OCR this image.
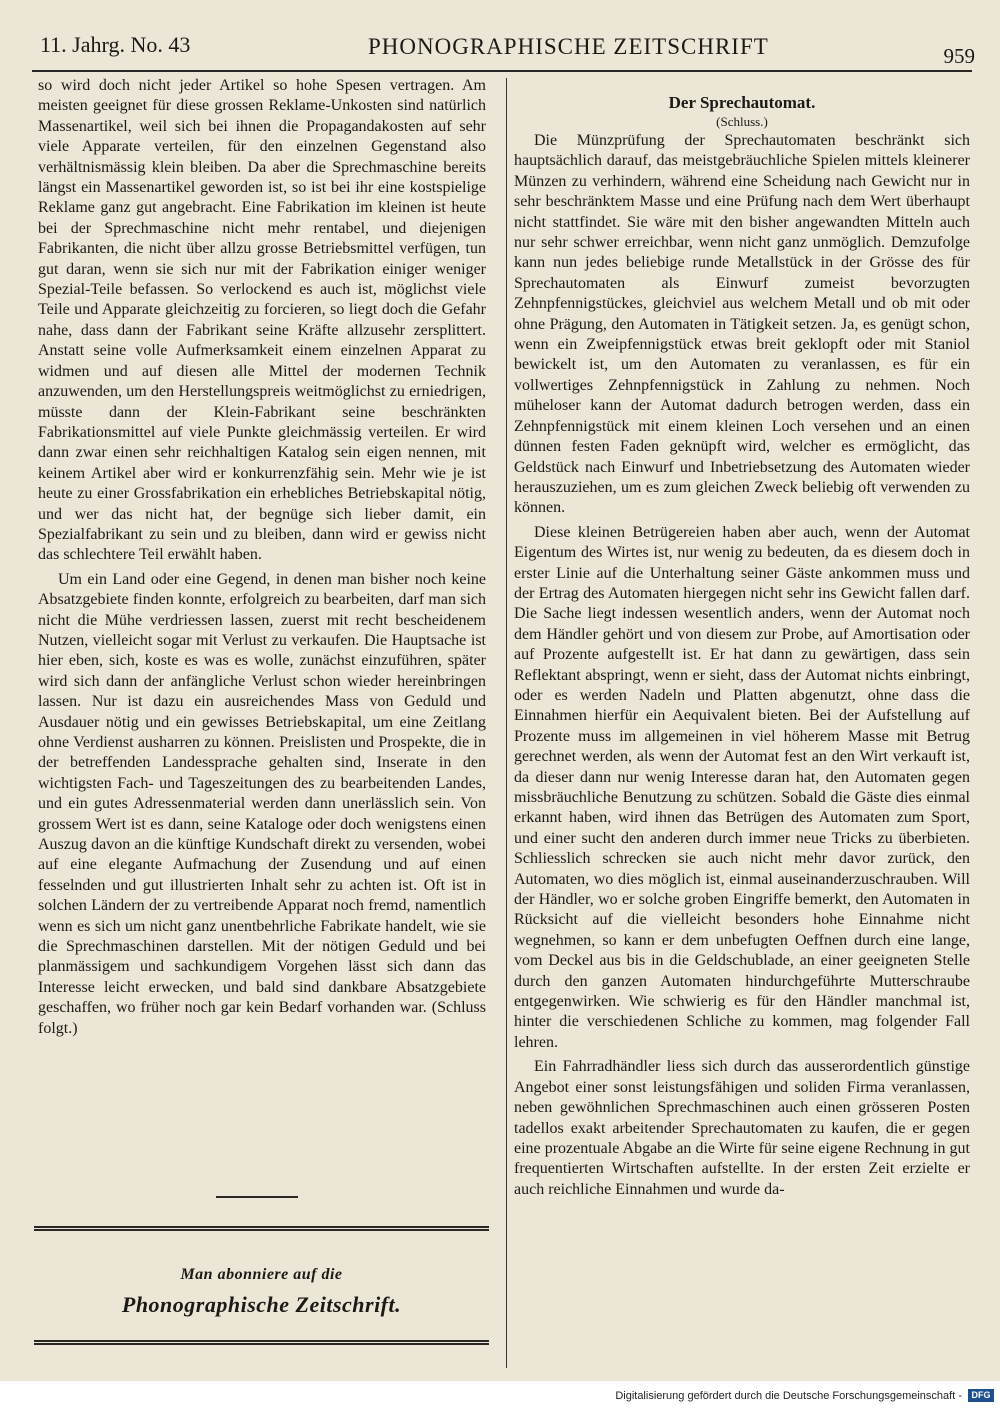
11. Jahrg. No. 43	PHONOGRAPHISCHE ZEITSCHRIFT	959

so wird doch nicht jeder Artikel so hohe Spesen vertragen. Am meisten geeignet für diese grossen Reklame-Unkosten sind natürlich Massenartikel, weil sich bei ihnen die Propagandakosten auf sehr viele Apparate verteilen, für den einzelnen Gegenstand also verhältnismässig klein bleiben. Da aber die Sprechmaschine bereits längst ein Massenartikel geworden ist, so ist bei ihr eine kostspielige Reklame ganz gut angebracht. Eine Fabrikation im kleinen ist heute bei der Sprechmaschine nicht mehr rentabel, und diejenigen Fabrikanten, die nicht über allzu grosse Betriebsmittel verfügen, tun gut daran, wenn sie sich nur mit der Fabrikation einiger weniger Spezial-Teile befassen. So verlockend es auch ist, möglichst viele Teile und Apparate gleichzeitig zu forcieren, so liegt doch die Gefahr nahe, dass dann der Fabrikant seine Kräfte allzusehr zersplittert. Anstatt seine volle Aufmerksamkeit einem einzelnen Apparat zu widmen und auf diesen alle Mittel der modernen Technik anzuwenden, um den Herstellungspreis weitmöglichst zu erniedrigen, müsste dann der Klein-Fabrikant seine beschränkten Fabrikationsmittel auf viele Punkte gleichmässig verteilen. Er wird dann zwar einen sehr reichhaltigen Katalog sein eigen nennen, mit keinem Artikel aber wird er konkurrenzfähig sein. Mehr wie je ist heute zu einer Grossfabrikation ein erhebliches Betriebskapital nötig, und wer das nicht hat, der begnüge sich lieber damit, ein Spezialfabrikant zu sein und zu bleiben, dann wird er gewiss nicht das schlechtere Teil erwählt haben.

Um ein Land oder eine Gegend, in denen man bisher noch keine Absatzgebiete finden konnte, erfolgreich zu bearbeiten, darf man sich nicht die Mühe verdriessen lassen, zuerst mit recht bescheidenem Nutzen, vielleicht sogar mit Verlust zu verkaufen. Die Hauptsache ist hier eben, sich, koste es was es wolle, zunächst einzuführen, später wird sich dann der anfängliche Verlust schon wieder hereinbringen lassen. Nur ist dazu ein ausreichendes Mass von Geduld und Ausdauer nötig und ein gewisses Betriebskapital, um eine Zeitlang ohne Verdienst ausharren zu können. Preislisten und Prospekte, die in der betreffenden Landessprache gehalten sind, Inserate in den wichtigsten Fach- und Tageszeitungen des zu bearbeitenden Landes, und ein gutes Adressenmaterial werden dann unerlässlich sein. Von grossem Wert ist es dann, seine Kataloge oder doch wenigstens einen Auszug davon an die künftige Kundschaft direkt zu versenden, wobei auf eine elegante Aufmachung der Zusendung und auf einen fesselnden und gut illustrierten Inhalt sehr zu achten ist. Oft ist in solchen Ländern der zu vertreibende Apparat noch fremd, namentlich wenn es sich um nicht ganz unentbehrliche Fabrikate handelt, wie sie die Sprechmaschinen darstellen. Mit der nötigen Geduld und bei planmässigem und sachkundigem Vorgehen lässt sich dann das Interesse leicht erwecken, und bald sind dankbare Absatzgebiete geschaffen, wo früher noch gar kein Bedarf vorhanden war. (Schluss folgt.)

Man abonniere auf die
Phonographische Zeitschrift.
Der Sprechautomat.
(Schluss.)

Die Münzprüfung der Sprechautomaten beschränkt sich hauptsächlich darauf, das meistgebräuchliche Spielen mittels kleinerer Münzen zu verhindern, während eine Scheidung nach Gewicht nur in sehr beschränktem Masse und eine Prüfung nach dem Wert überhaupt nicht stattfindet. Sie wäre mit den bisher angewandten Mitteln auch nur sehr schwer erreichbar, wenn nicht ganz unmöglich. Demzufolge kann nun jedes beliebige runde Metallstück in der Grösse des für Sprechautomaten als Einwurf zumeist bevorzugten Zehnpfennigstückes, gleichviel aus welchem Metall und ob mit oder ohne Prägung, den Automaten in Tätigkeit setzen. Ja, es genügt schon, wenn ein Zweipfennigstück etwas breit geklopft oder mit Staniol bewickelt ist, um den Automaten zu veranlassen, es für ein vollwertiges Zehnpfennigstück in Zahlung zu nehmen. Noch müheloser kann der Automat dadurch betrogen werden, dass ein Zehnpfennigstück mit einem kleinen Loch versehen und an einen dünnen festen Faden geknüpft wird, welcher es ermöglicht, das Geldstück nach Einwurf und Inbetriebsetzung des Automaten wieder herauszuziehen, um es zum gleichen Zweck beliebig oft verwenden zu können.

Diese kleinen Betrügereien haben aber auch, wenn der Automat Eigentum des Wirtes ist, nur wenig zu bedeuten, da es diesem doch in erster Linie auf die Unterhaltung seiner Gäste ankommen muss und der Ertrag des Automaten hiergegen nicht sehr ins Gewicht fallen darf. Die Sache liegt indessen wesentlich anders, wenn der Automat noch dem Händler gehört und von diesem zur Probe, auf Amortisation oder auf Prozente aufgestellt ist. Er hat dann zu gewärtigen, dass sein Reflektant abspringt, wenn er sieht, dass der Automat nichts einbringt, oder es werden Nadeln und Platten abgenutzt, ohne dass die Einnahmen hierfür ein Aequivalent bieten. Bei der Aufstellung auf Prozente muss im allgemeinen in viel höherem Masse mit Betrug gerechnet werden, als wenn der Automat fest an den Wirt verkauft ist, da dieser dann nur wenig Interesse daran hat, den Automaten gegen missbräuchliche Benutzung zu schützen. Sobald die Gäste dies einmal erkannt haben, wird ihnen das Betrügen des Automaten zum Sport, und einer sucht den anderen durch immer neue Tricks zu überbieten. Schliesslich schrecken sie auch nicht mehr davor zurück, den Automaten, wo dies möglich ist, einmal auseinanderzuschrauben. Will der Händler, wo er solche groben Eingriffe bemerkt, den Automaten in Rücksicht auf die vielleicht besonders hohe Einnahme nicht wegnehmen, so kann er dem unbefugten Oeffnen durch eine lange, vom Deckel aus bis in die Geldschublade, an einer geeigneten Stelle durch den ganzen Automaten hindurchgeführte Mutterschraube entgegenwirken. Wie schwierig es für den Händler manchmal ist, hinter die verschiedenen Schliche zu kommen, mag folgender Fall lehren.

Ein Fahrradhändler liess sich durch das ausserordentlich günstige Angebot einer sonst leistungsfähigen und soliden Firma veranlassen, neben gewöhnlichen Sprechmaschinen auch einen grösseren Posten tadellos exakt arbeitender Sprechautomaten zu kaufen, die er gegen eine prozentuale Abgabe an die Wirte für seine eigene Rechnung in gut frequentierten Wirtschaften aufstellte. In der ersten Zeit erzielte er auch reichliche Einnahmen und wurde da-

Digitalisierung gefördert durch die Deutsche Forschungsgemeinschaft -	DFG
